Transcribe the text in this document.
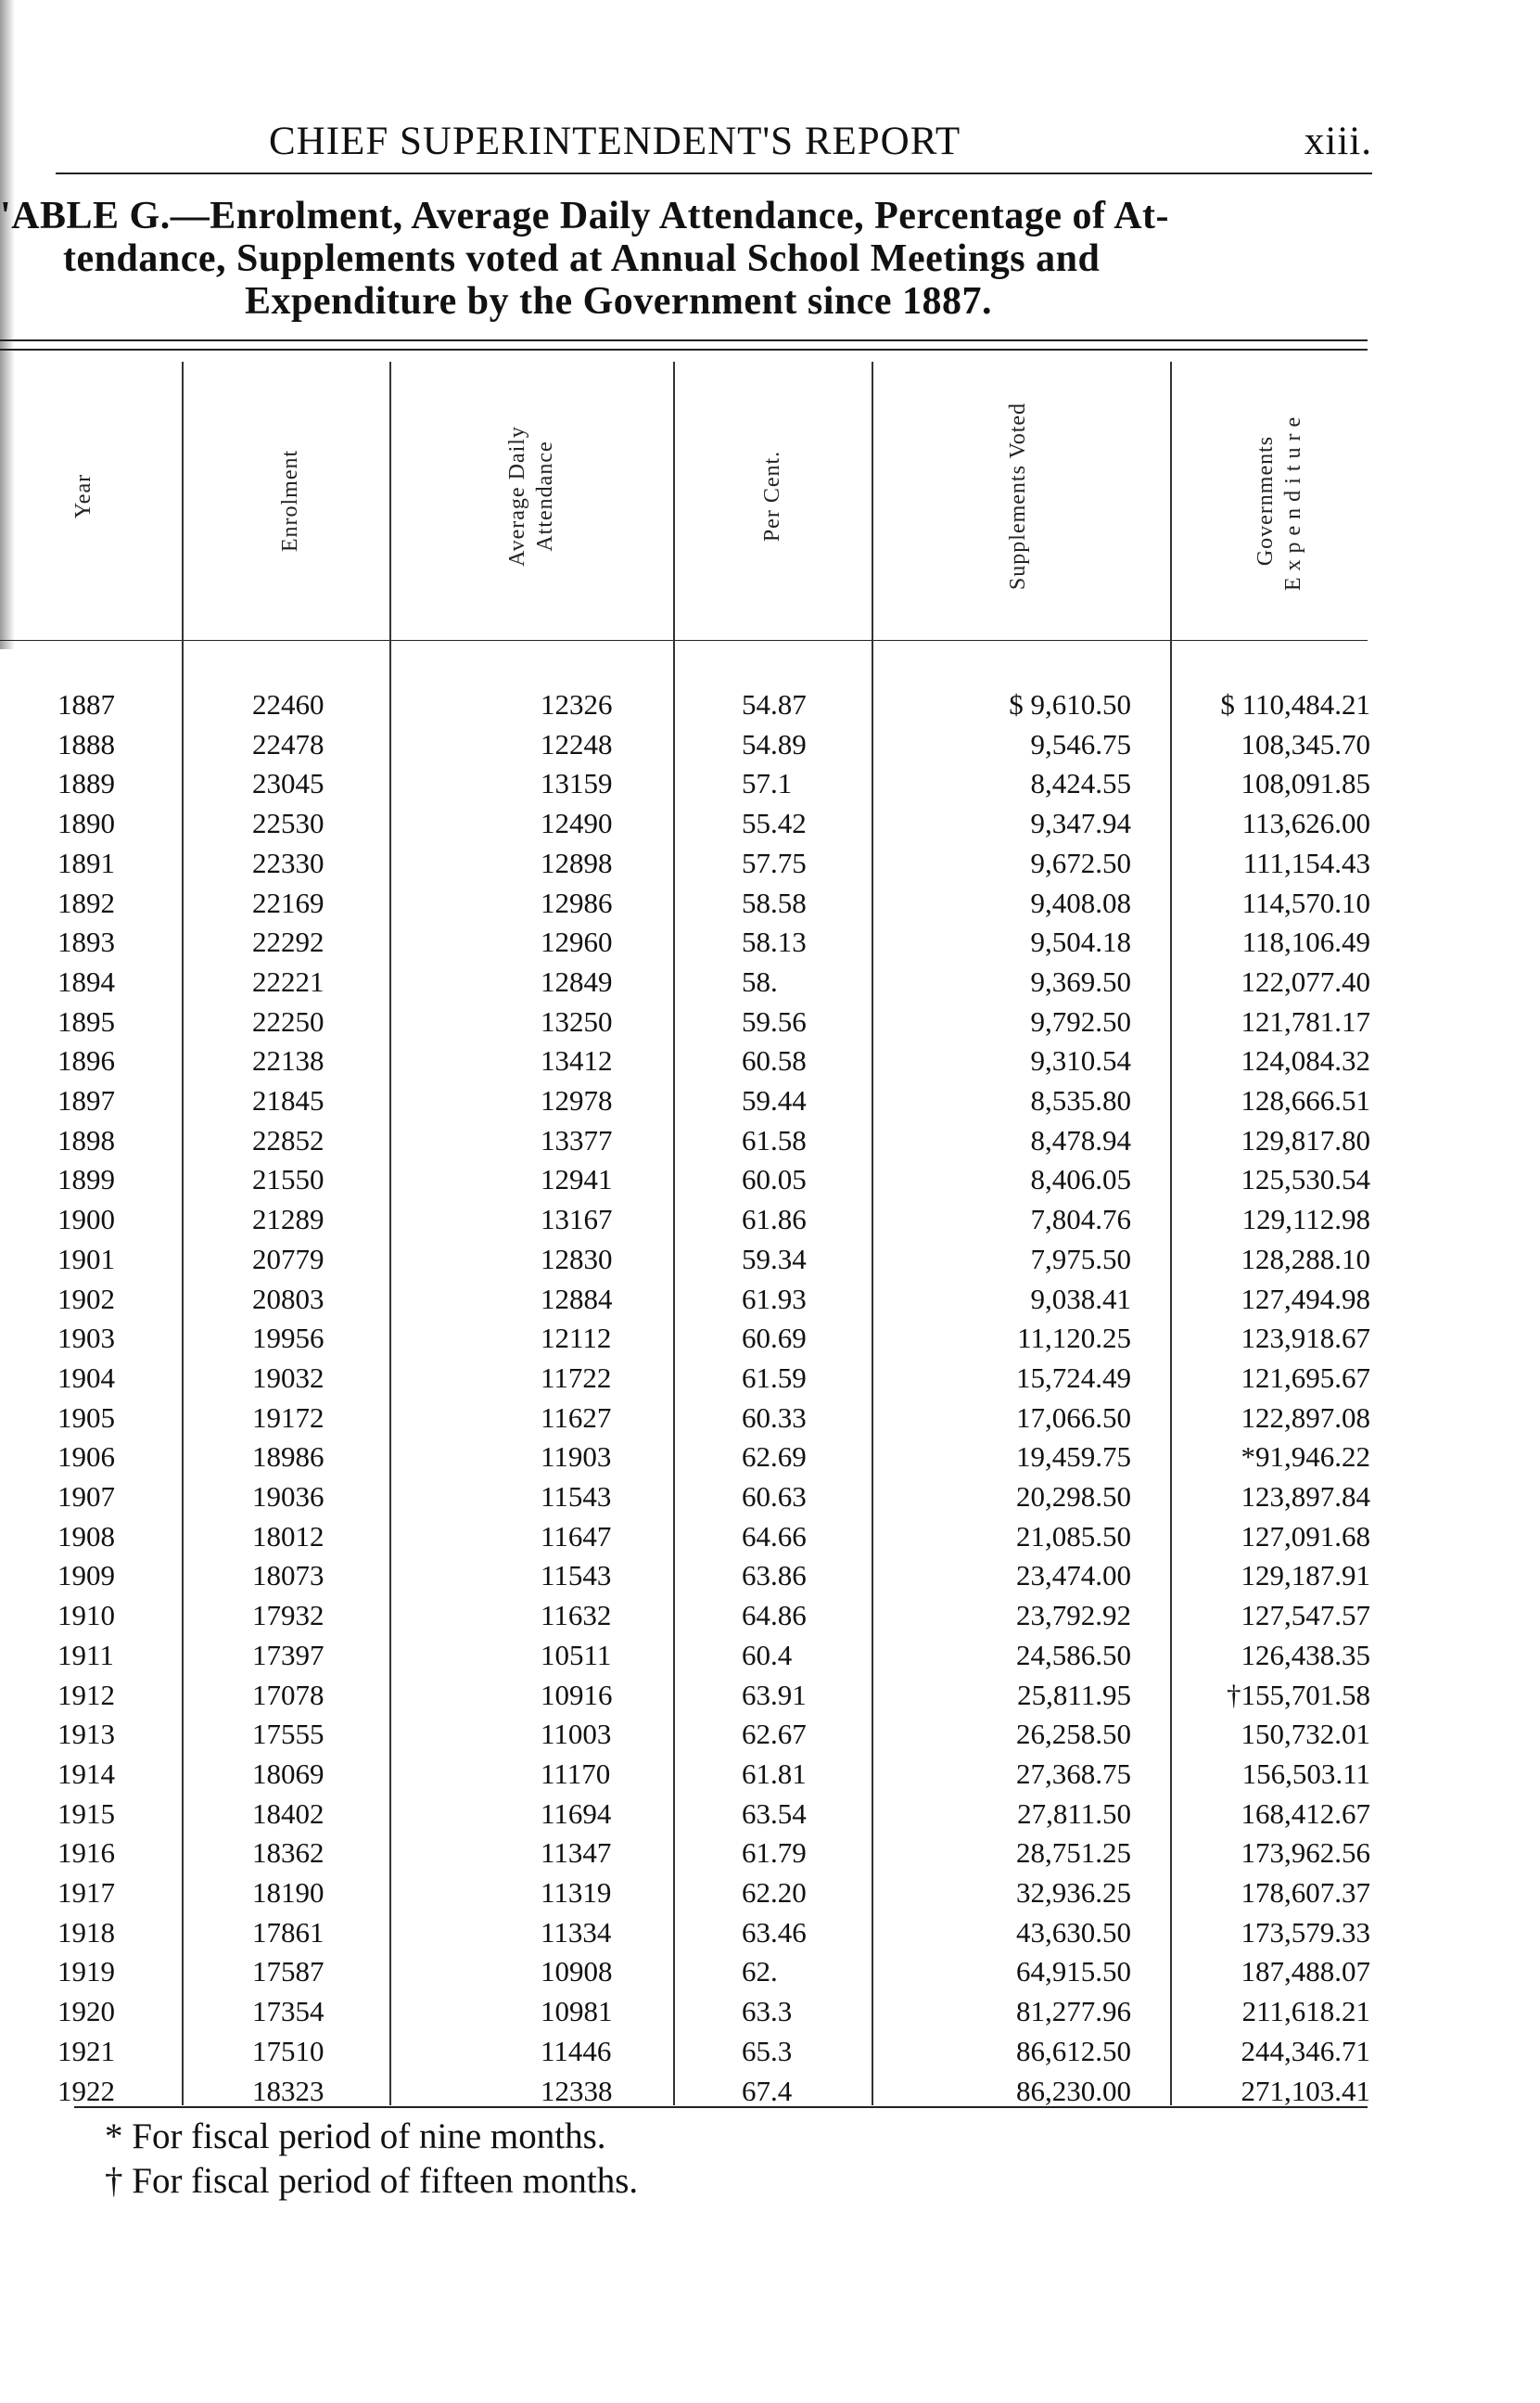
CHIEF SUPERINTENDENT'S REPORT	xiii.
'ABLE G.—Enrolment, Average Daily Attendance, Percentage of At-
tendance, Supplements voted at Annual School Meetings and
Expenditure by the Government since 1887.
Year	Enrolment	Average Daily Attendance	Per Cent.	Supplements Voted	Governments Expenditure
1887	22460	12326	54.87	$ 9,610.50	$ 110,484.21
1888	22478	12248	54.89	9,546.75	108,345.70
1889	23045	13159	57.1	8,424.55	108,091.85
1890	22530	12490	55.42	9,347.94	113,626.00
1891	22330	12898	57.75	9,672.50	111,154.43
1892	22169	12986	58.58	9,408.08	114,570.10
1893	22292	12960	58.13	9,504.18	118,106.49
1894	22221	12849	58.	9,369.50	122,077.40
1895	22250	13250	59.56	9,792.50	121,781.17
1896	22138	13412	60.58	9,310.54	124,084.32
1897	21845	12978	59.44	8,535.80	128,666.51
1898	22852	13377	61.58	8,478.94	129,817.80
1899	21550	12941	60.05	8,406.05	125,530.54
1900	21289	13167	61.86	7,804.76	129,112.98
1901	20779	12830	59.34	7,975.50	128,288.10
1902	20803	12884	61.93	9,038.41	127,494.98
1903	19956	12112	60.69	11,120.25	123,918.67
1904	19032	11722	61.59	15,724.49	121,695.67
1905	19172	11627	60.33	17,066.50	122,897.08
1906	18986	11903	62.69	19,459.75	*91,946.22
1907	19036	11543	60.63	20,298.50	123,897.84
1908	18012	11647	64.66	21,085.50	127,091.68
1909	18073	11543	63.86	23,474.00	129,187.91
1910	17932	11632	64.86	23,792.92	127,547.57
1911	17397	10511	60.4	24,586.50	126,438.35
1912	17078	10916	63.91	25,811.95	†155,701.58
1913	17555	11003	62.67	26,258.50	150,732.01
1914	18069	11170	61.81	27,368.75	156,503.11
1915	18402	11694	63.54	27,811.50	168,412.67
1916	18362	11347	61.79	28,751.25	173,962.56
1917	18190	11319	62.20	32,936.25	178,607.37
1918	17861	11334	63.46	43,630.50	173,579.33
1919	17587	10908	62.	64,915.50	187,488.07
1920	17354	10981	63.3	81,277.96	211,618.21
1921	17510	11446	65.3	86,612.50	244,346.71
1922	18323	12338	67.4	86,230.00	271,103.41
* For fiscal period of nine months.
† For fiscal period of fifteen months.
